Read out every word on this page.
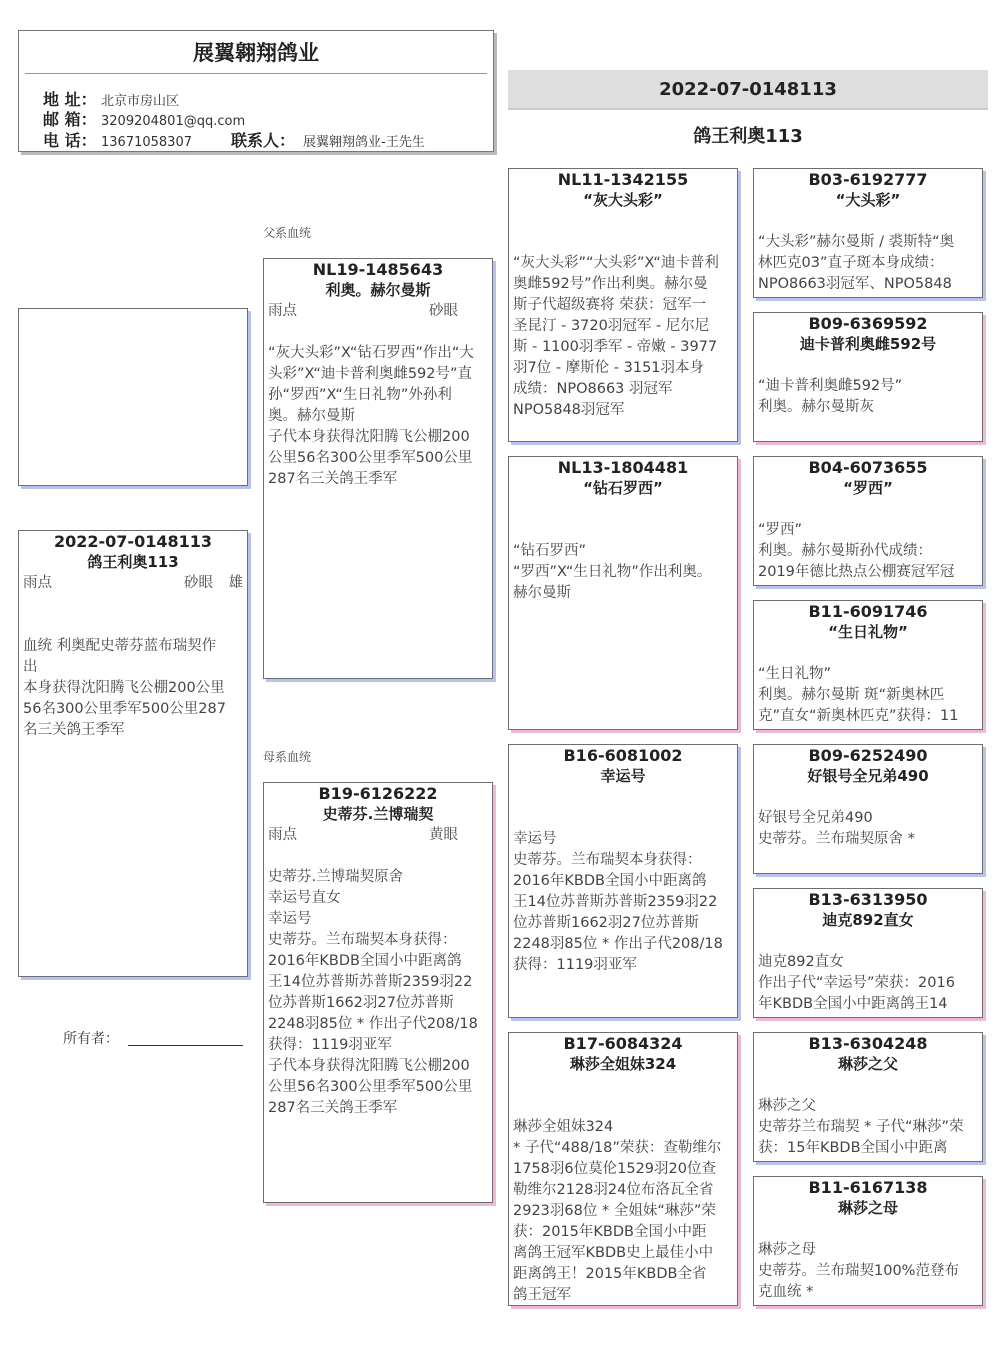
展翼翱翔鸽业
地 址： 北京市房山区
邮 箱： 3209204801@qq.com
电 话： 13671058307 联系人： 展翼翱翔鸽业-王先生
2022-07-0148113
鸽王利奥113
2022-07-0148113
鸽王利奥113
雨点	砂眼 雄
血统 利奥配史蒂芬蓝布瑞契作
出
本身获得沈阳腾飞公棚200公里
56名300公里季军500公里287
名三关鸽王季军
所有者：
父系血统
母系血统
NL19-1485643
利奥。赫尔曼斯
雨点	砂眼
“灰大头彩”X“钻石罗西”作出“大
头彩”X“迪卡普利奥雌592号”直
孙“罗西”X“生日礼物”外孙利
奥。赫尔曼斯
子代本身获得沈阳腾飞公棚200
公里56名300公里季军500公里
287名三关鸽王季军
B19-6126222
史蒂芬.兰博瑞契
雨点	黄眼
史蒂芬.兰博瑞契原舍
幸运号直女
幸运号
史蒂芬。兰布瑞契本身获得：
2016年KBDB全国小中距离鸽
王14位苏普斯苏普斯2359羽22
位苏普斯1662羽27位苏普斯
2248羽85位 * 作出子代208/18
获得：1119羽亚军
子代本身获得沈阳腾飞公棚200
公里56名300公里季军500公里
287名三关鸽王季军
NL11-1342155
“灰大头彩”
“灰大头彩”“大头彩”X“迪卡普利
奥雌592号”作出利奥。赫尔曼
斯子代超级赛将 荣获：冠军一
圣昆汀 - 3720羽冠军 - 尼尔尼
斯 - 1100羽季军 - 帝嫩 - 3977
羽7位 - 摩斯伦 - 3151羽本身
成绩：NPO8663 羽冠军
NPO5848羽冠军
NL13-1804481
“钻石罗西”
“钻石罗西”
“罗西”X“生日礼物”作出利奥。
赫尔曼斯
B16-6081002
幸运号
幸运号
史蒂芬。兰布瑞契本身获得：
2016年KBDB全国小中距离鸽
王14位苏普斯苏普斯2359羽22
位苏普斯1662羽27位苏普斯
2248羽85位 * 作出子代208/18
获得：1119羽亚军
B17-6084324
琳莎全姐妹324
琳莎全姐妹324
* 子代“488/18”荣获：查勒维尔
1758羽6位莫伦1529羽20位查
勒维尔2128羽24位布洛瓦全省
2923羽68位 * 全姐妹“琳莎”荣
获：2015年KBDB全国小中距
离鸽王冠军KBDB史上最佳小中
距离鸽王！2015年KBDB全省
鸽王冠军
B03-6192777
“大头彩”
“大头彩”赫尔曼斯 / 裘斯特“奥
林匹克03”直子斑本身成绩：
NPO8663羽冠军、NPO5848
B09-6369592
迪卡普利奥雌592号
“迪卡普利奥雌592号”
利奥。赫尔曼斯灰
B04-6073655
“罗西”
“罗西”
利奥。赫尔曼斯孙代成绩：
2019年德比热点公棚赛冠军冠
B11-6091746
“生日礼物”
“生日礼物”
利奥。赫尔曼斯 斑“新奥林匹
克”直女“新奥林匹克”获得：11
B09-6252490
好银号全兄弟490
好银号全兄弟490
史蒂芬。兰布瑞契原舍 *
B13-6313950
迪克892直女
迪克892直女
作出子代“幸运号”荣获：2016
年KBDB全国小中距离鸽王14
B13-6304248
琳莎之父
琳莎之父
史蒂芬兰布瑞契 * 子代“琳莎”荣
获：15年KBDB全国小中距离
B11-6167138
琳莎之母
琳莎之母
史蒂芬。兰布瑞契100%范登布
克血统 *
